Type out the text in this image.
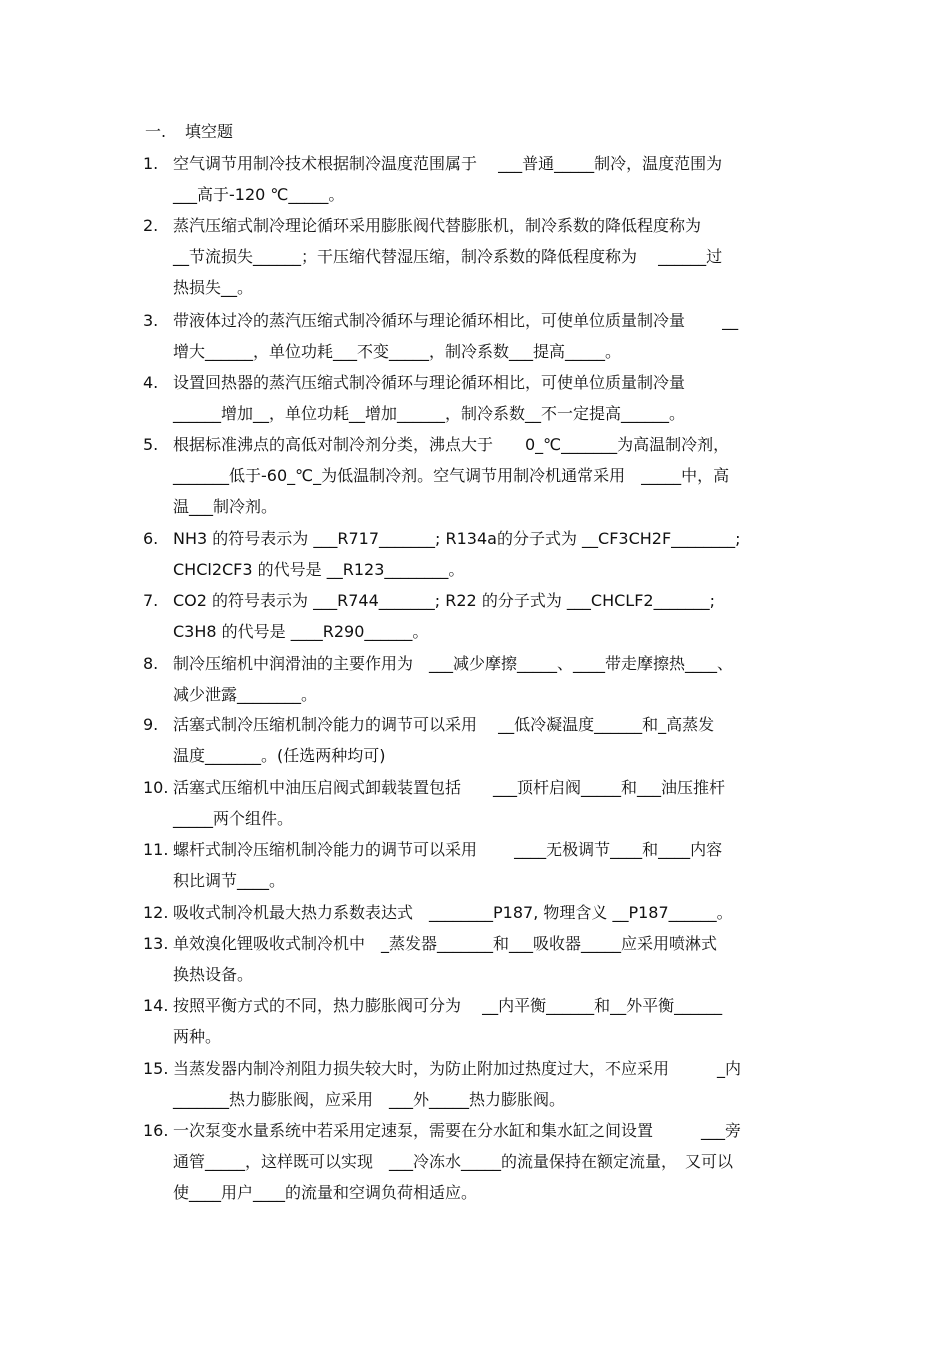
一. 填空题
1. 空气调节用制冷技术根据制冷温度范围属于　 ___普通_____制冷，温度范围为
___高于-120 ℃_____。
2. 蒸汽压缩式制冷理论循环采用膨胀阀代替膨胀机，制冷系数的降低程度称为
__节流损失______；干压缩代替湿压缩，制冷系数的降低程度称为　 ______过
热损失__。
3. 带液体过冷的蒸汽压缩式制冷循环与理论循环相比，可使单位质量制冷量　　 __
增大______，单位功耗___不变_____，制冷系数___提高_____。
4. 设置回热器的蒸汽压缩式制冷循环与理论循环相比，可使单位质量制冷量
______增加__，单位功耗__增加______，制冷系数__不一定提高______。
5. 根据标准沸点的高低对制冷剂分类，沸点大于　　0_℃_______为高温制冷剂，
_______低于-60_℃_为低温制冷剂。空气调节用制冷机通常采用　_____中，高
温___制冷剂。
6. NH3 的符号表示为 ___R717_______; R134a的分子式为 __CF3CH2F________;
CHCl2CF3 的代号是 __R123________。
7. CO2 的符号表示为 ___R744_______; R22 的分子式为 ___CHCLF2_______;
C3H8 的代号是 ____R290______。
8. 制冷压缩机中润滑油的主要作用为　___减少摩擦_____、____带走摩擦热____、
减少泄露________。
9. 活塞式制冷压缩机制冷能力的调节可以采用　 __低冷凝温度______和_高蒸发
温度_______。(任选两种均可)
10. 活塞式压缩机中油压启阀式卸载装置包括　　___顶杆启阀_____和___油压推杆
_____两个组件。
11. 螺杆式制冷压缩机制冷能力的调节可以采用　　 ____无极调节____和____内容
积比调节____。
12. 吸收式制冷机最大热力系数表达式　________P187, 物理含义 __P187______。
13. 单效溴化锂吸收式制冷机中　_蒸发器_______和___吸收器_____应采用喷淋式
换热设备。
14. 按照平衡方式的不同，热力膨胀阀可分为　 __内平衡______和__外平衡______
两种。
15. 当蒸发器内制冷剂阻力损失较大时，为防止附加过热度过大，不应采用　　　_内
_______热力膨胀阀，应采用　___外_____热力膨胀阀。
16. 一次泵变水量系统中若采用定速泵，需要在分水缸和集水缸之间设置　　　___旁
通管_____，这样既可以实现　___冷冻水_____的流量保持在额定流量，　又可以
使____用户____的流量和空调负荷相适应。
